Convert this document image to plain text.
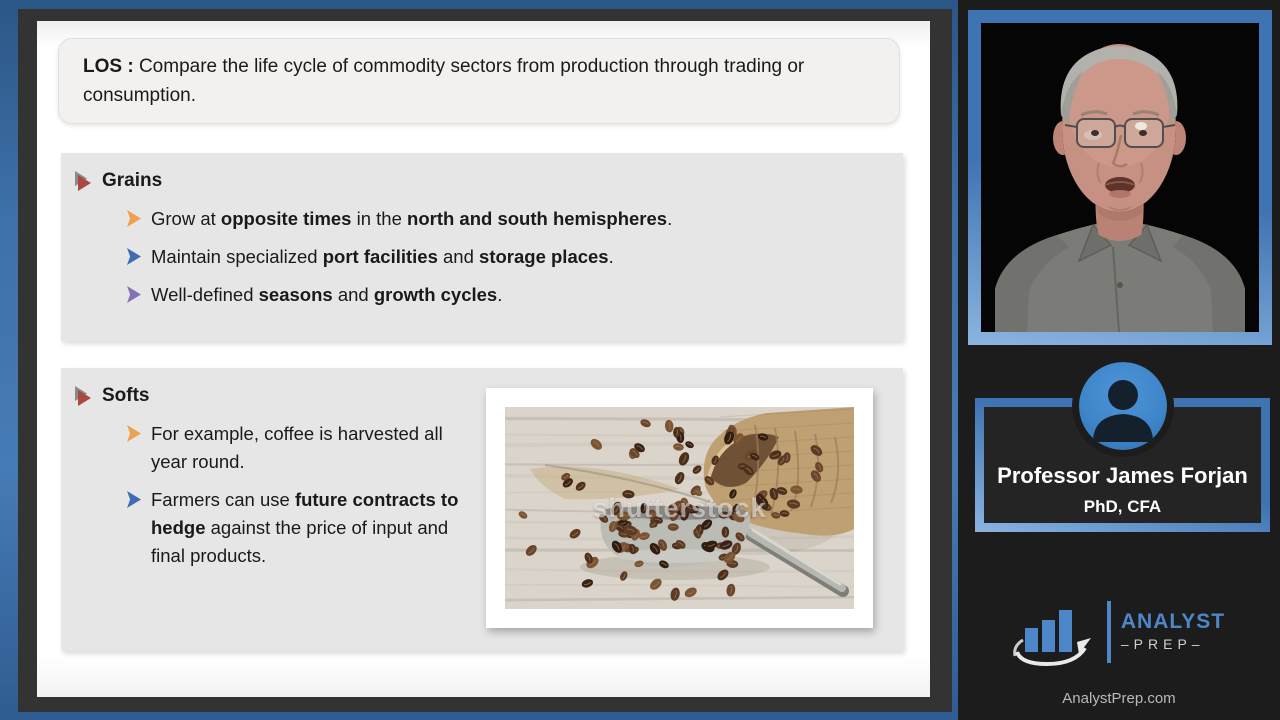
LOS : Compare the life cycle of commodity sectors from production through trading or consumption.
Grains
Grow at opposite times in the north and south hemispheres.
Maintain specialized port facilities and storage places.
Well-defined seasons and growth cycles.
Softs
For example, coffee is harvested all year round.
Farmers can use future contracts to hedge against the price of input and final products.
shutterstock
Professor James Forjan
PhD, CFA
ANALYST
–PREP–
AnalystPrep.com
